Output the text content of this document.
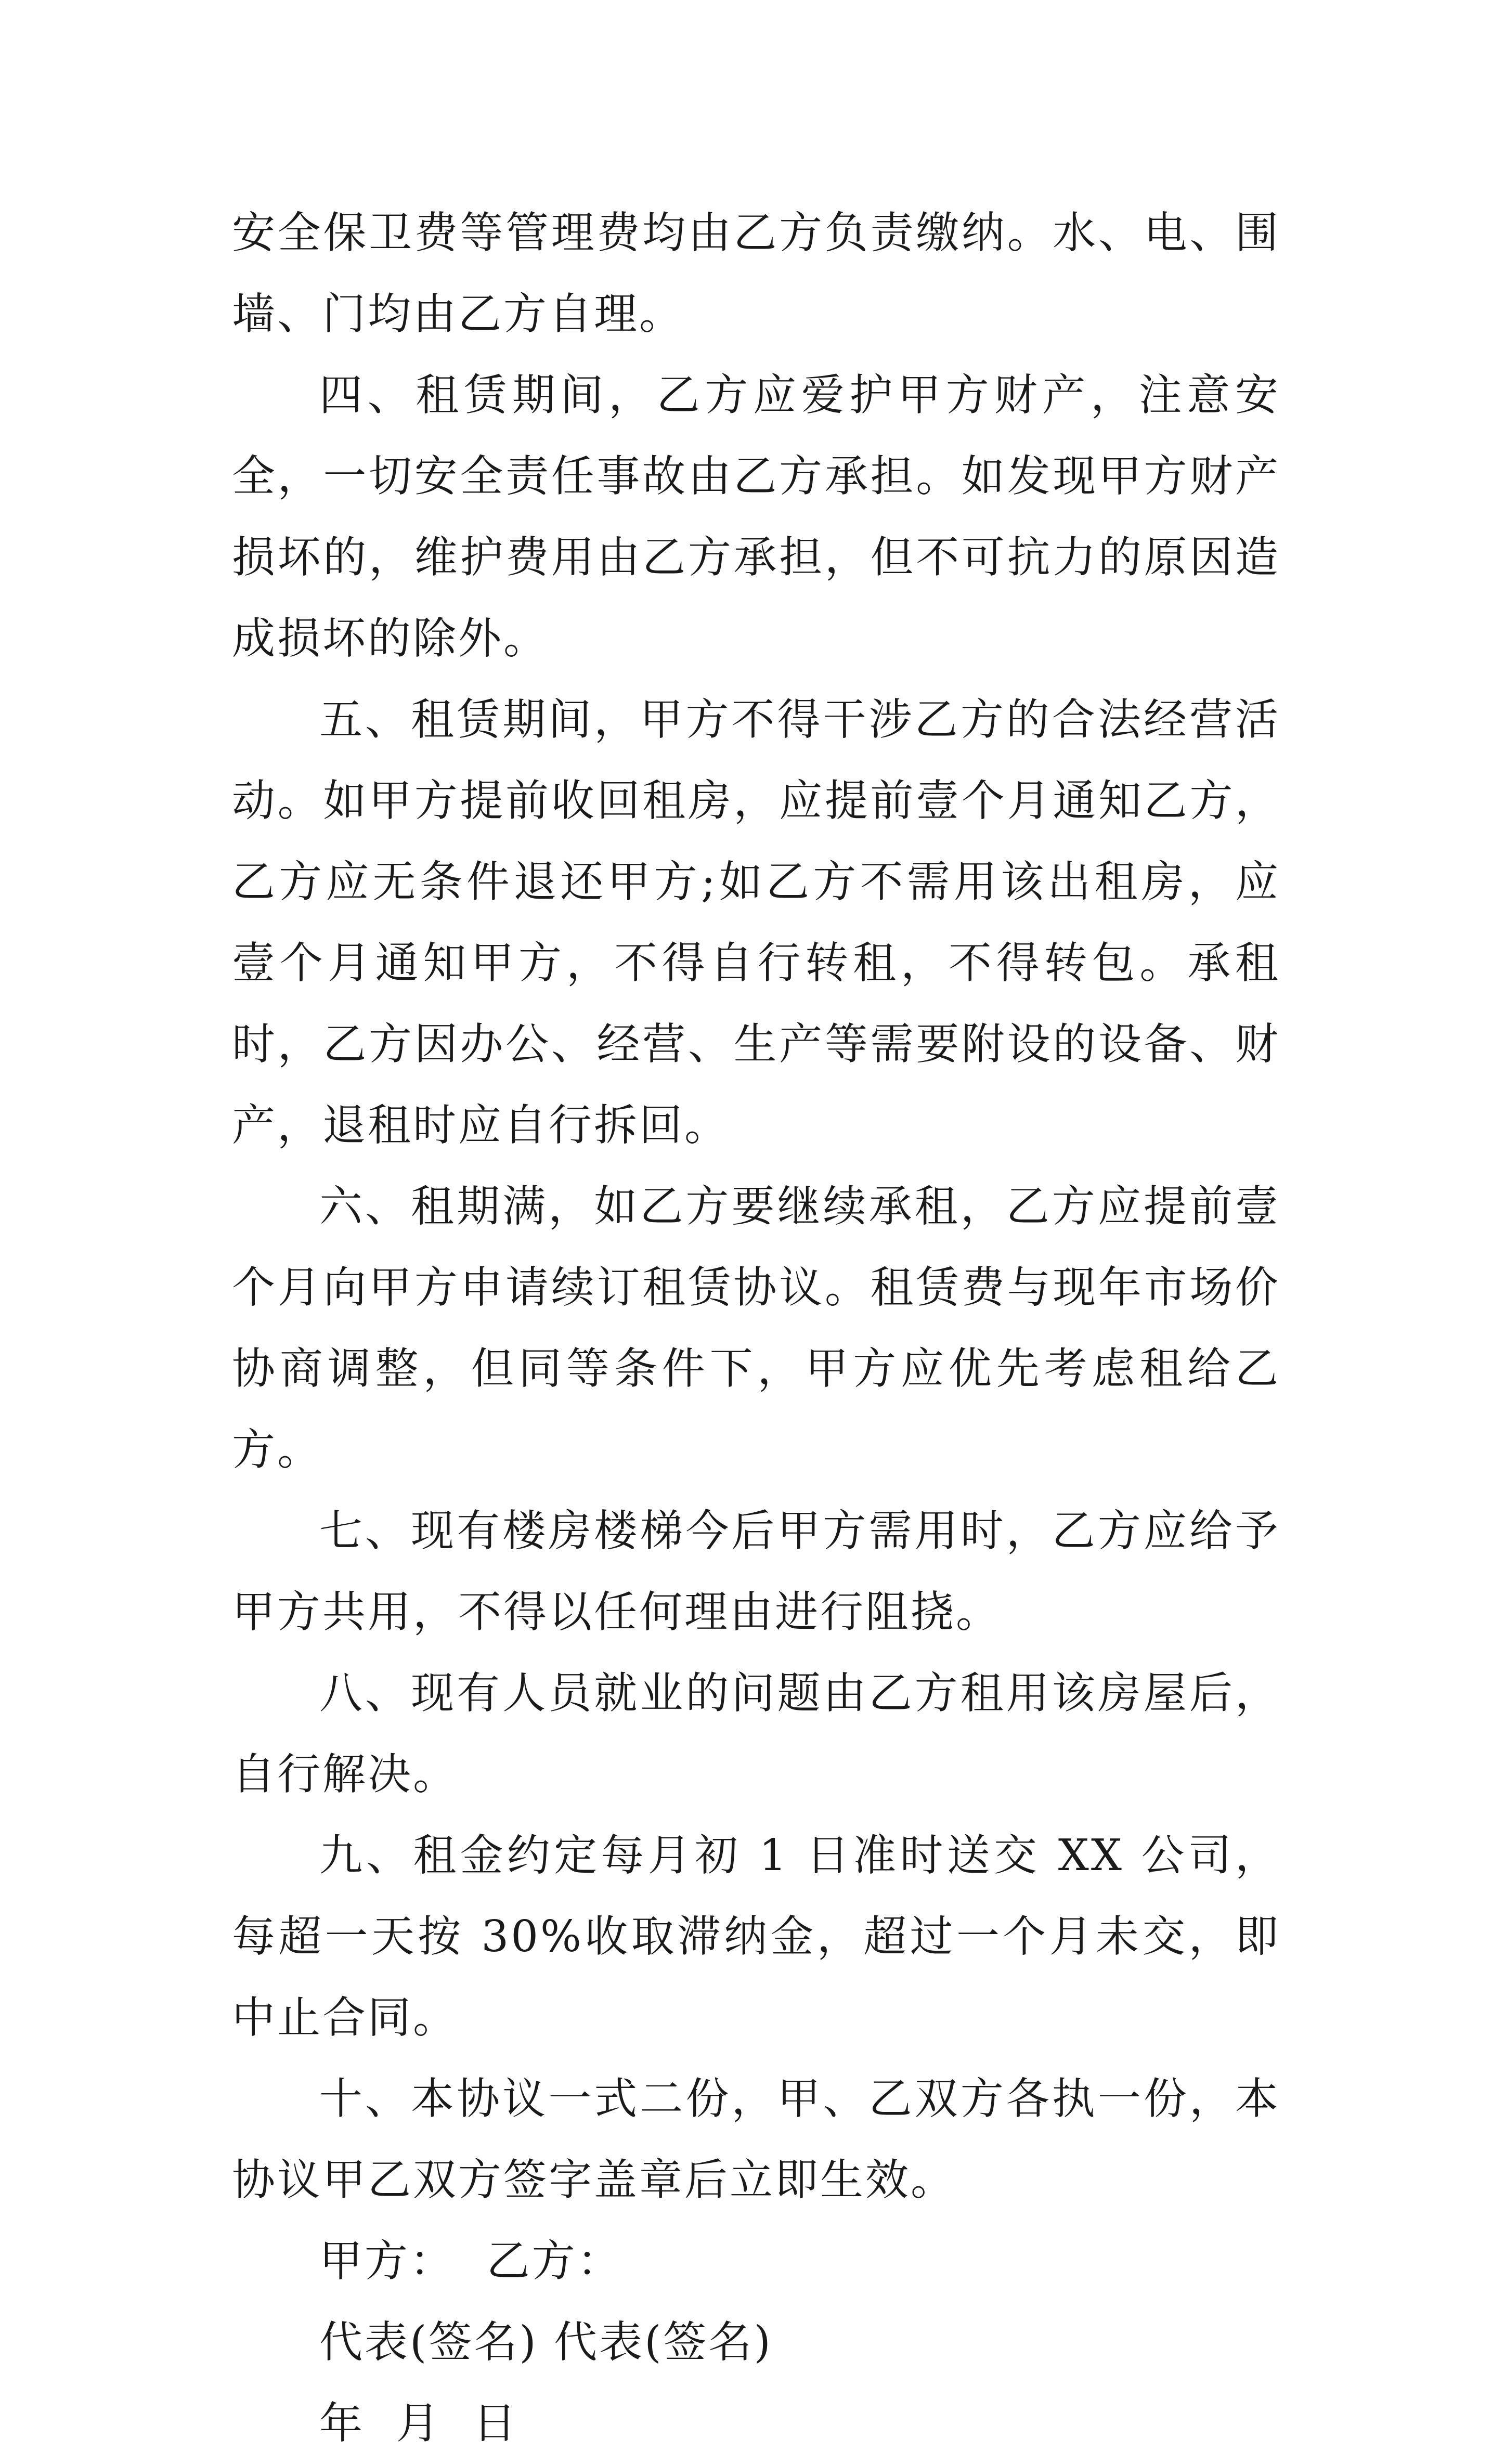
安全保卫费等管理费均由乙方负责缴纳。水、电、围墙、门均由乙方自理。

四、租赁期间，乙方应爱护甲方财产，注意安全，一切安全责任事故由乙方承担。如发现甲方财产损坏的，维护费用由乙方承担，但不可抗力的原因造成损坏的除外。

五、租赁期间，甲方不得干涉乙方的合法经营活动。如甲方提前收回租房，应提前壹个月通知乙方，乙方应无条件退还甲方;如乙方不需用该出租房，应壹个月通知甲方，不得自行转租，不得转包。承租时，乙方因办公、经营、生产等需要附设的设备、财产，退租时应自行拆回。

六、租期满，如乙方要继续承租，乙方应提前壹个月向甲方申请续订租赁协议。租赁费与现年市场价协商调整，但同等条件下，甲方应优先考虑租给乙方。

七、现有楼房楼梯今后甲方需用时，乙方应给予甲方共用，不得以任何理由进行阻挠。

八、现有人员就业的问题由乙方租用该房屋后，自行解决。

九、租金约定每月初 1 日准时送交 XX 公司，每超一天按 30%收取滞纳金，超过一个月未交，即中止合同。

十、本协议一式二份，甲、乙双方各执一份，本协议甲乙双方签字盖章后立即生效。

甲方：  乙方：

代表(签名) 代表(签名)

年  月  日
